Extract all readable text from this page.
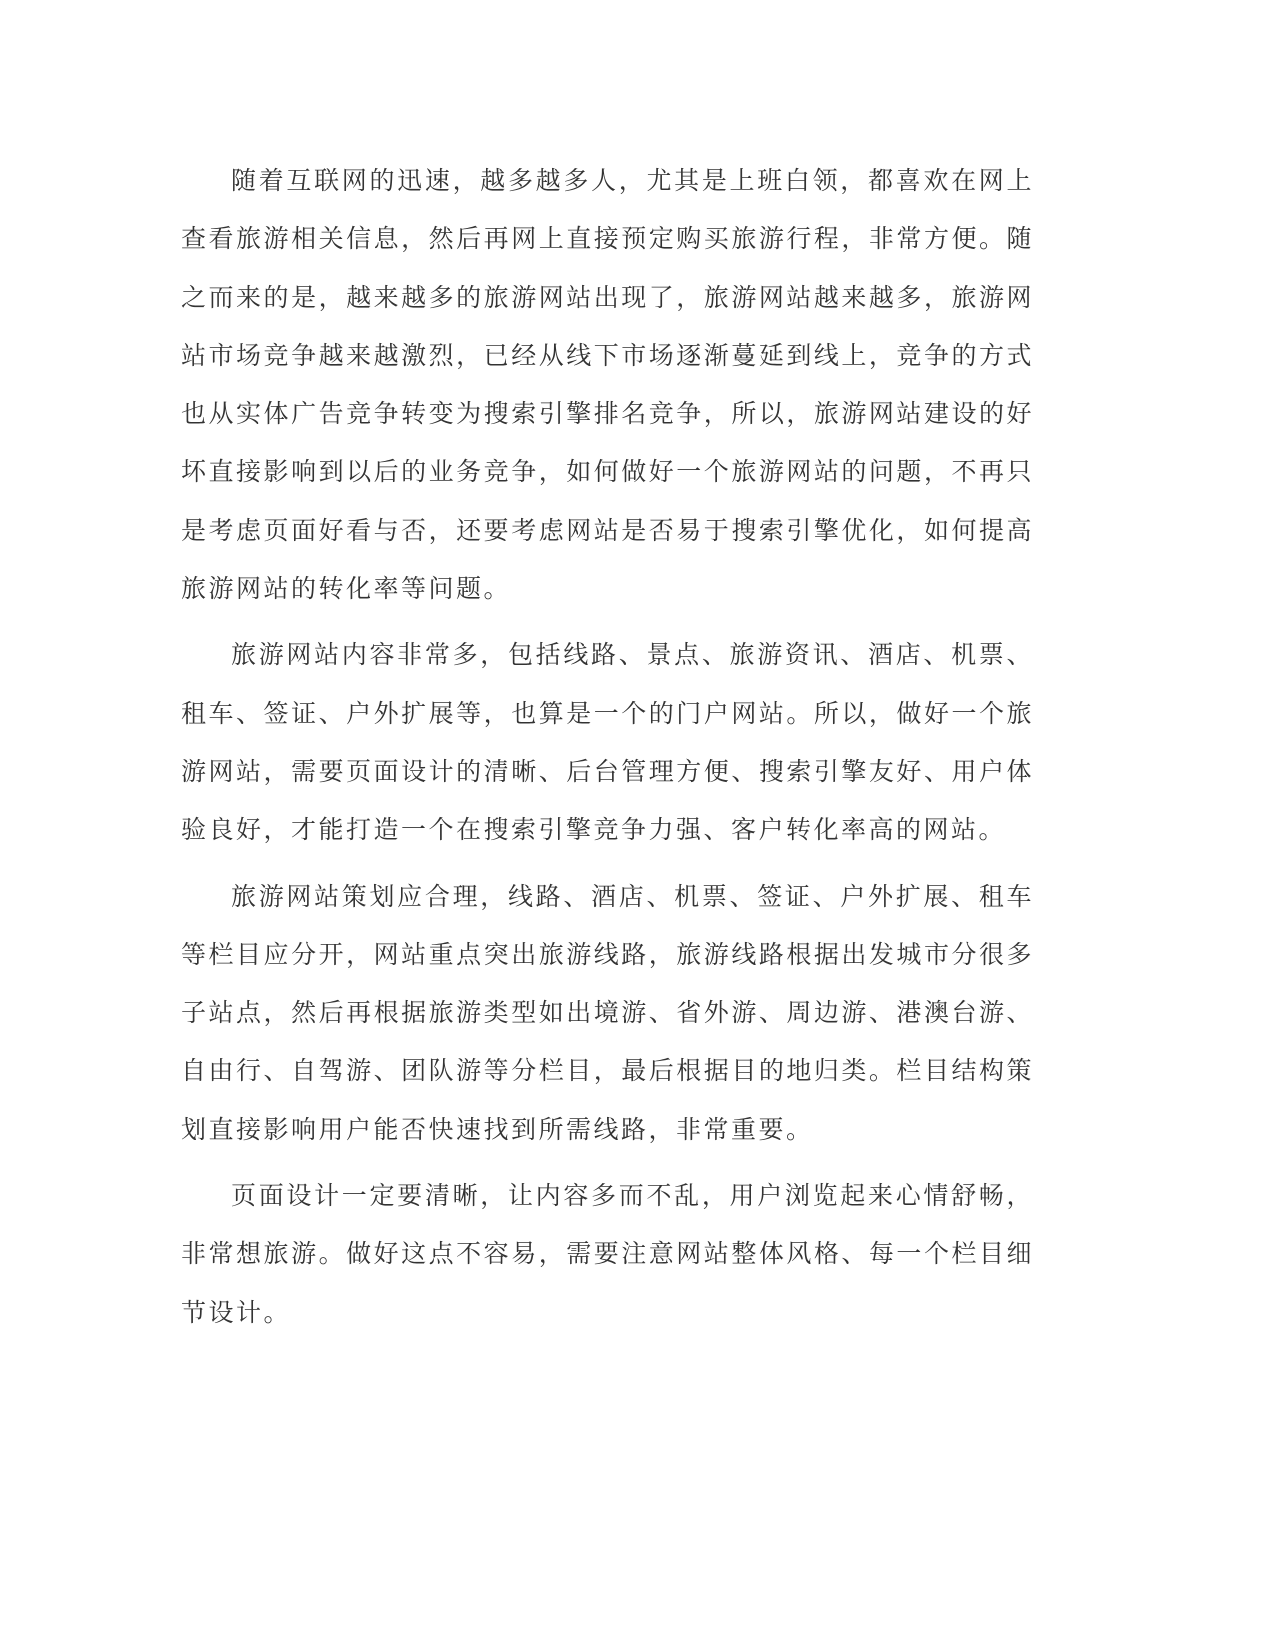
随着互联网的迅速，越多越多人，尤其是上班白领，都喜欢在网上查看旅游相关信息，然后再网上直接预定购买旅游行程，非常方便。随之而来的是，越来越多的旅游网站出现了，旅游网站越来越多，旅游网站市场竞争越来越激烈，已经从线下市场逐渐蔓延到线上，竞争的方式也从实体广告竞争转变为搜索引擎排名竞争，所以，旅游网站建设的好坏直接影响到以后的业务竞争，如何做好一个旅游网站的问题，不再只是考虑页面好看与否，还要考虑网站是否易于搜索引擎优化，如何提高旅游网站的转化率等问题。

旅游网站内容非常多，包括线路、景点、旅游资讯、酒店、机票、租车、签证、户外扩展等，也算是一个的门户网站。所以，做好一个旅游网站，需要页面设计的清晰、后台管理方便、搜索引擎友好、用户体验良好，才能打造一个在搜索引擎竞争力强、客户转化率高的网站。

旅游网站策划应合理，线路、酒店、机票、签证、户外扩展、租车等栏目应分开，网站重点突出旅游线路，旅游线路根据出发城市分很多子站点，然后再根据旅游类型如出境游、省外游、周边游、港澳台游、自由行、自驾游、团队游等分栏目，最后根据目的地归类。栏目结构策划直接影响用户能否快速找到所需线路，非常重要。

页面设计一定要清晰，让内容多而不乱，用户浏览起来心情舒畅，非常想旅游。做好这点不容易，需要注意网站整体风格、每一个栏目细节设计。
